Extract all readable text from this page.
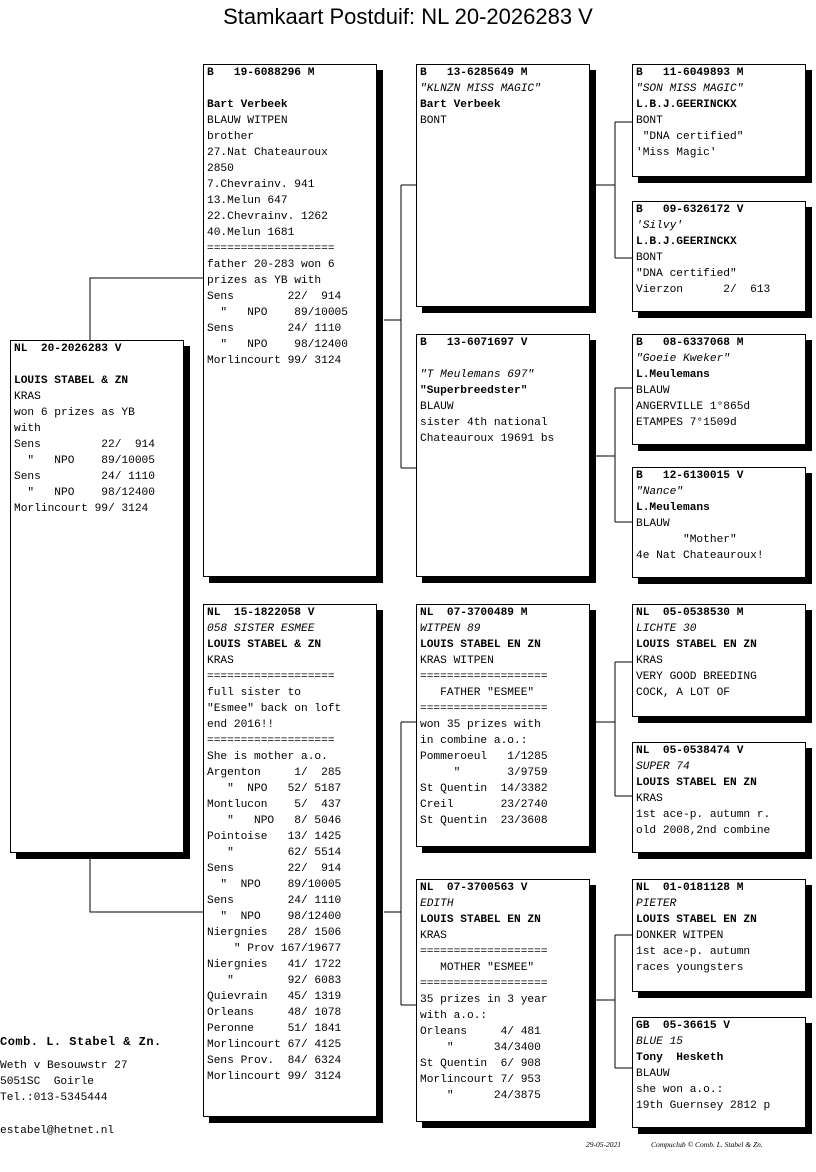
Stamkaart Postduif: NL 20-2026283 V
NL  20-2026283 V
LOUIS STABEL & ZN
KRAS
won 6 prizes as YB
with
Sens         22/  914
"   NPO    89/10005
Sens         24/ 1110
"   NPO    98/12400
Morlincourt 99/ 3124
B   19-6088296 M
Bart Verbeek
BLAUW WITPEN
brother
27.Nat Chateauroux
2850
7.Chevrainv. 941
13.Melun 647
22.Chevrainv. 1262
40.Melun 1681
===================
father 20-283 won 6
prizes as YB with
Sens        22/  914
"   NPO    89/10005
Sens        24/ 1110
"   NPO    98/12400
Morlincourt 99/ 3124
NL  15-1822058 V
058 SISTER ESMEE
LOUIS STABEL & ZN
KRAS
===================
full sister to
"Esmee" back on loft
end 2016!!
===================
She is mother a.o.
Argenton     1/  285
"  NPO   52/ 5187
Montlucon    5/  437
"   NPO   8/ 5046
Pointoise   13/ 1425
"        62/ 5514
Sens        22/  914
"  NPO    89/10005
Sens        24/ 1110
"  NPO    98/12400
Niergnies   28/ 1506
" Prov 167/19677
Niergnies   41/ 1722
"        92/ 6083
Quievrain   45/ 1319
Orleans     48/ 1078
Peronne     51/ 1841
Morlincourt 67/ 4125
Sens Prov.  84/ 6324
Morlincourt 99/ 3124
B   13-6285649 M
"KLNZN MISS MAGIC"
Bart Verbeek
BONT
B   13-6071697 V
"T Meulemans 697"
"Superbreedster"
BLAUW
sister 4th national
Chateauroux 19691 bs
NL  07-3700489 M
WITPEN 89
LOUIS STABEL EN ZN
KRAS WITPEN
===================
FATHER "ESMEE"
===================
won 35 prizes with
in combine a.o.:
Pommeroeul   1/1285
"       3/9759
St Quentin  14/3382
Creil       23/2740
St Quentin  23/3608
NL  07-3700563 V
EDITH
LOUIS STABEL EN ZN
KRAS
===================
MOTHER "ESMEE"
===================
35 prizes in 3 year
with a.o.:
Orleans     4/ 481
"      34/3400
St Quentin  6/ 908
Morlincourt 7/ 953
"      24/3875
B   11-6049893 M
"SON MISS MAGIC"
L.B.J.GEERINCKX
BONT
"DNA certified"
'Miss Magic'
B   09-6326172 V
'Silvy'
L.B.J.GEERINCKX
BONT
"DNA certified"
Vierzon      2/  613
B   08-6337068 M
"Goeie Kweker"
L.Meulemans
BLAUW
ANGERVILLE 1°865d
ETAMPES 7°1509d
B   12-6130015 V
"Nance"
L.Meulemans
BLAUW
"Mother"
4e Nat Chateauroux!
NL  05-0538530 M
LICHTE 30
LOUIS STABEL EN ZN
KRAS
VERY GOOD BREEDING
COCK, A LOT OF
NL  05-0538474 V
SUPER 74
LOUIS STABEL EN ZN
KRAS
1st ace-p. autumn r.
old 2008,2nd combine
NL  01-0181128 M
PIETER
LOUIS STABEL EN ZN
DONKER WITPEN
1st ace-p. autumn
races youngsters
GB  05-36615 V
BLUE 15
Tony  Hesketh
BLAUW
she won a.o.:
19th Guernsey 2812 p
Comb. L. Stabel & Zn.
Weth v Besouwstr 27
5051SC  Goirle
Tel.:013-5345444
estabel@hetnet.nl
29-05-2021	Compuclub © Comb. L. Stabel & Zn.
